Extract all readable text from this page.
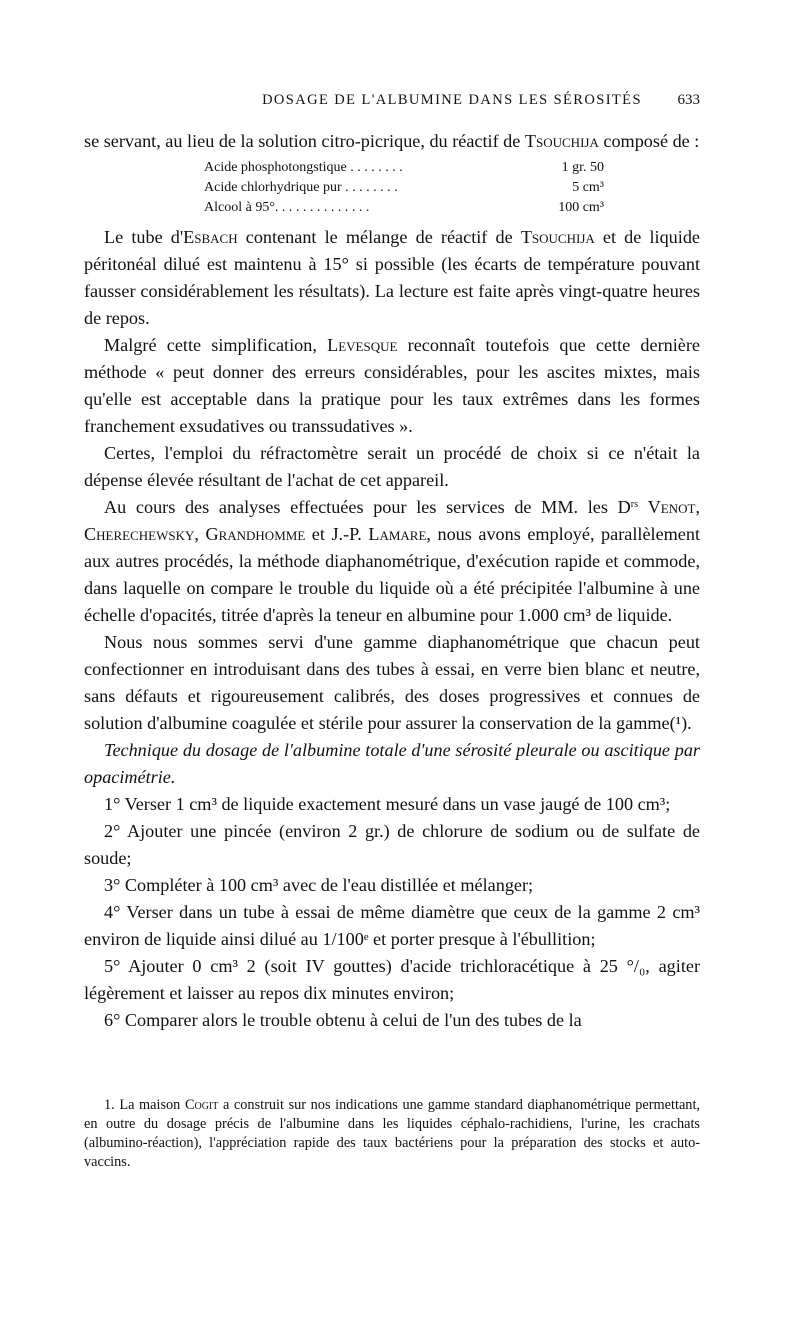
DOSAGE DE L'ALBUMINE DANS LES SÉROSITÉS	633

se servant, au lieu de la solution citro-picrique, du réactif de Tsouchija composé de :

Acide phosphotongstique . . . . . . . .	1 gr. 50
Acide chlorhydrique pur . . . . . . . .	5 cm³
Alcool à 95°. . . . . . . . . . . . . .	100 cm³

Le tube d'Esbach contenant le mélange de réactif de Tsouchija et de liquide péritonéal dilué est maintenu à 15° si possible (les écarts de température pouvant fausser considérablement les résultats). La lecture est faite après vingt-quatre heures de repos.

Malgré cette simplification, Levesque reconnaît toutefois que cette dernière méthode « peut donner des erreurs considérables, pour les ascites mixtes, mais qu'elle est acceptable dans la pratique pour les taux extrêmes dans les formes franchement exsudatives ou transsudatives ».

Certes, l'emploi du réfractomètre serait un procédé de choix si ce n'était la dépense élevée résultant de l'achat de cet appareil.

Au cours des analyses effectuées pour les services de MM. les $D^{rs}$ Venot, Cherechewsky, Grandhomme et J.-P. Lamare, nous avons employé, parallèlement aux autres procédés, la méthode diaphanométrique, d'exécution rapide et commode, dans laquelle on compare le trouble du liquide où a été précipitée l'albumine à une échelle d'opacités, titrée d'après la teneur en albumine pour 1.000 cm³ de liquide.

Nous nous sommes servi d'une gamme diaphanométrique que chacun peut confectionner en introduisant dans des tubes à essai, en verre bien blanc et neutre, sans défauts et rigoureusement calibrés, des doses progressives et connues de solution d'albumine coagulée et stérile pour assurer la conservation de la gamme(¹).

Technique du dosage de l'albumine totale d'une sérosité pleurale ou ascitique par opacimétrie.

1° Verser 1 cm³ de liquide exactement mesuré dans un vase jaugé de 100 cm³;

2° Ajouter une pincée (environ 2 gr.) de chlorure de sodium ou de sulfate de soude;

3° Compléter à 100 cm³ avec de l'eau distillée et mélanger;

4° Verser dans un tube à essai de même diamètre que ceux de la gamme 2 cm³ environ de liquide ainsi dilué au 1/100ᵉ et porter presque à l'ébullition;

5° Ajouter 0 cm³ 2 (soit IV gouttes) d'acide trichloracétique à 25 °/₀, agiter légèrement et laisser au repos dix minutes environ;

6° Comparer alors le trouble obtenu à celui de l'un des tubes de la

1. La maison Cogit a construit sur nos indications une gamme standard diaphanométrique permettant, en outre du dosage précis de l'albumine dans les liquides céphalo-rachidiens, l'urine, les crachats (albumino-réaction), l'appréciation rapide des taux bactériens pour la préparation des stocks et auto-vaccins.
